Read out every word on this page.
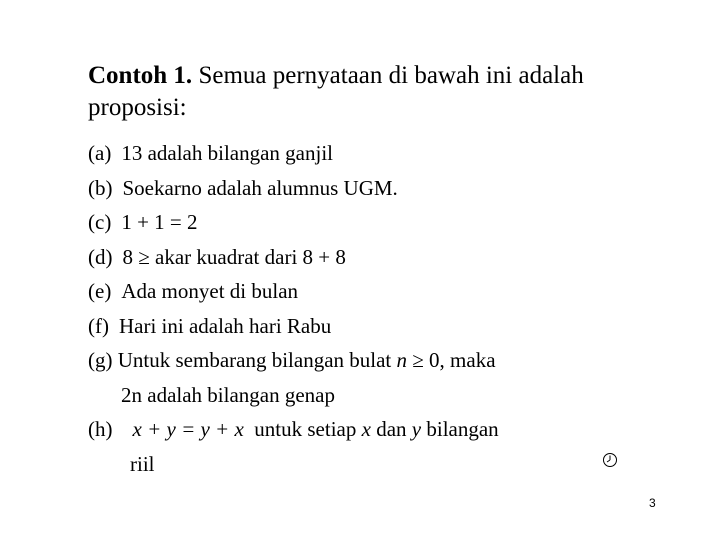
Contoh 1. Semua pernyataan di bawah ini adalah
proposisi:
(a) 13 adalah bilangan ganjil
(b) Soekarno adalah alumnus UGM.
(c) 1 + 1 = 2
(d) 8 ≥ akar kuadrat dari 8 + 8
(e) Ada monyet di bulan
(f) Hari ini adalah hari Rabu
(g) Untuk sembarang bilangan bulat n ≥ 0, maka
2n adalah bilangan genap
(h) x + y = y + x untuk setiap x dan y bilangan
riil
3
